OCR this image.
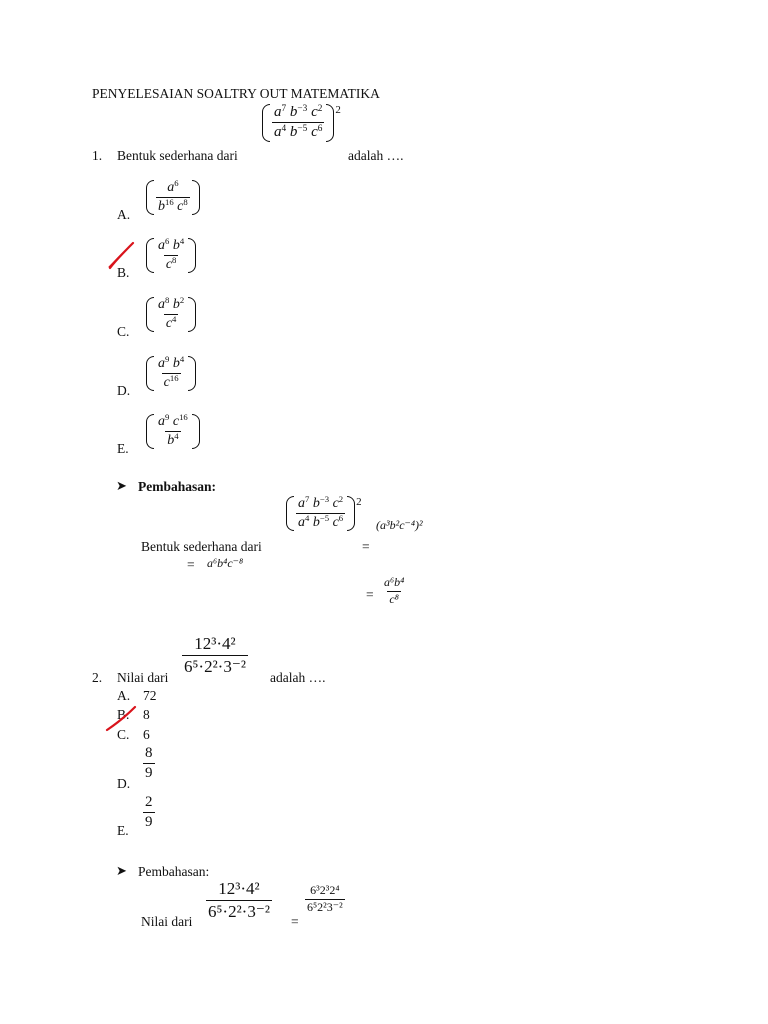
PENYELESAIAN SOALTRY OUT MATEMATIKA
1. Bentuk sederhana dari
$\frac{a^7 b^{-3} c^2}{a^4 b^{-5} c^6} 2$
adalah ….
A. $\frac{a^6}{b^{16} c^8}$
B. $\frac{a^6 b^4}{c^8}$
C. $\frac{a^8 b^2}{c^4}$
D. $\frac{a^9 b^4}{c^{16}}$
E. $\frac{a^9 c^{16}}{b^4}$
➤ Pembahasan:
Bentuk sederhana dari
$\frac{a^7 b^{-3} c^2}{a^4 b^{-5} c^6} 2$
=
(a³b²c⁻⁴)²
= a⁶b⁴c⁻⁸
= $\frac{\text{a⁶b⁴}}{\text{c⁸}}$
2. Nilai dari
$\frac{\text{12³·4²}}{\text{6⁵·2²·3⁻²}}$
adalah ….
A. 72
B. 8
C. 6
D.
$\frac{8}{9}$
E. $\frac{2}{9}$
➤ Pembahasan:
Nilai dari
$\frac{\text{12³·4²}}{\text{6⁵·2²·3⁻²}}$
=
$\frac{\text{6³2³2⁴}}{\text{6⁵2²3⁻²}}$
